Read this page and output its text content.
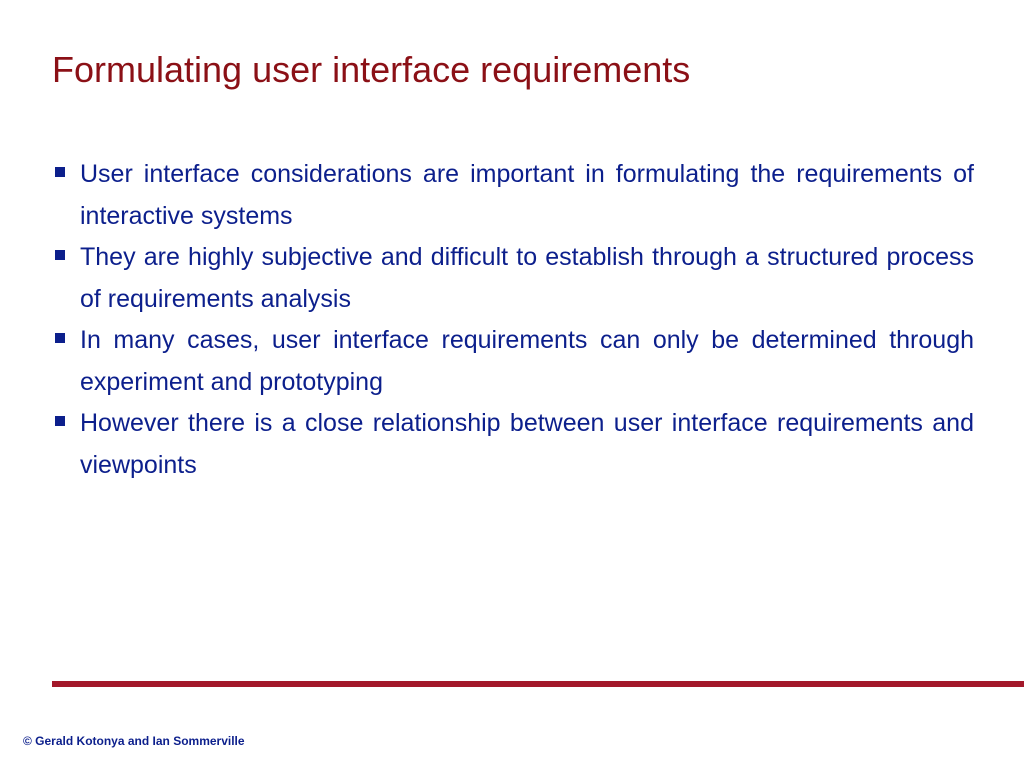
Formulating user interface requirements
User interface considerations are important in formulating the requirements of interactive systems
They are highly subjective and difficult to establish through a structured process of requirements analysis
In many cases, user interface requirements can only be determined through experiment and prototyping
However there is a close relationship between user interface requirements and viewpoints
© Gerald Kotonya and Ian Sommerville
